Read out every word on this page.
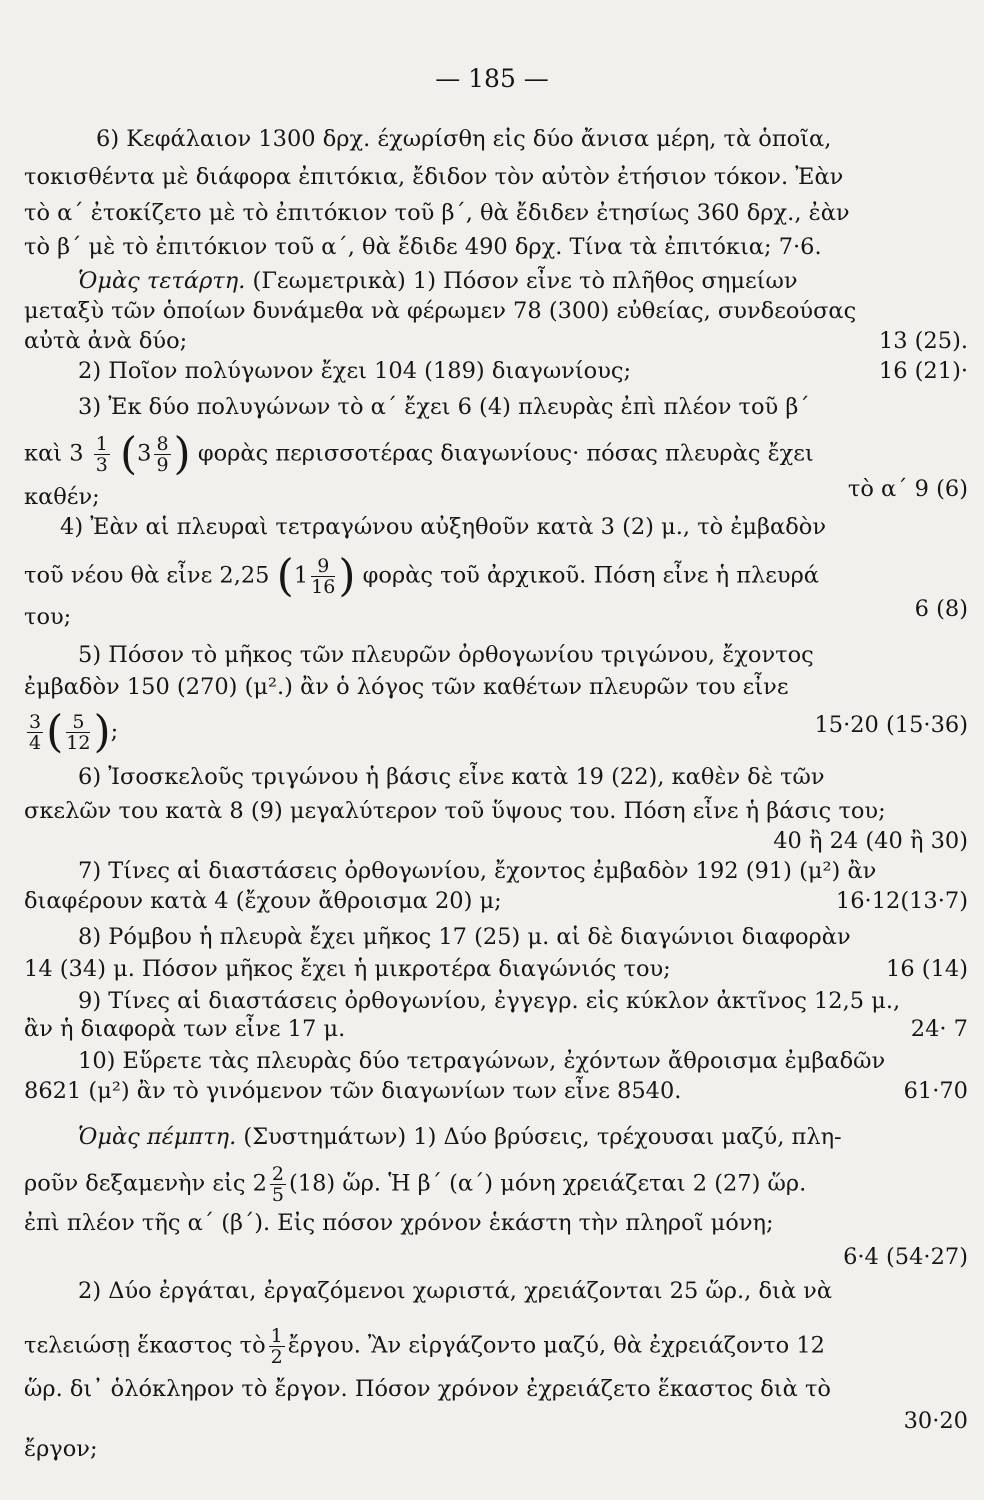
— 185 —
6) Κεφάλαιον 1300 δρχ. έχωρίσθη εἰς δύο ἄνισα μέρη, τὰ ὁποῖα,
τοκισθέντα μὲ διάφορα ἐπιτόκια, ἔδιδον τὸν αὐτὸν ἐτήσιον τόκον. Ἐὰν
τὸ α΄ ἐτοκίζετο μὲ τὸ ἐπιτόκιον τοῦ β΄, θὰ ἔδιδεν ἐτησίως 360 δρχ., ἐὰν
τὸ β΄ μὲ τὸ ἐπιτόκιον τοῦ α΄, θὰ ἔδιδε 490 δρχ. Τίνα τὰ ἐπιτόκια; 7·6.
Ὁμὰς τετάρτη. (Γεωμετρικὰ) 1) Πόσον εἶνε τὸ πλῆθος σημείων
μεταξὺ τῶν ὁποίων δυνάμεθα νὰ φέρωμεν 78 (300) εὐθείας, συνδεούσας
αὐτὰ ἀνὰ δύο;	13 (25).
2) Ποῖον πολύγωνον ἔχει 104 (189) διαγωνίους;	16 (21)·
3) Ἐκ δύο πολυγώνων τὸ α΄ ἔχει 6 (4) πλευρὰς ἐπὶ πλέον τοῦ β΄
καὶ $3 \frac{1}{3} (3 \frac{8}{9}$ ) φορὰς περισσοτέρας διαγωνίους· πόσας πλευρὰς ἔχει
καθέν;	τὸ α΄ 9 (6)
4) Ἐὰν αἱ πλευραὶ τετραγώνου αὐξηθοῦν κατὰ 3 (2) μ., τὸ ἐμβαδὸν
τοῦ νέου θὰ εἶνε 2,25 ($1 \frac{9}{16}$ ) φορὰς τοῦ ἀρχικοῦ. Πόση εἶνε ἡ πλευρά
του;	6 (8)
5) Πόσον τὸ μῆκος τῶν πλευρῶν ὀρθογωνίου τριγώνου, ἔχοντος
ἐμβαδὸν 150 (270) (μ².) ἂν ὁ λόγος τῶν καθέτων πλευρῶν του εἶνε
$\frac{3}{4}$ ( $\frac{5}{12}$ );	15·20 (15·36)
6) Ἰσοσκελοῦς τριγώνου ἡ βάσις εἶνε κατὰ 19 (22), καθὲν δὲ τῶν
σκελῶν του κατὰ 8 (9) μεγαλύτερον τοῦ ὕψους του. Πόση εἶνε ἡ βάσις του;
40 ἢ 24 (40 ἢ 30)
7) Τίνες αἱ διαστάσεις ὀρθογωνίου, ἔχοντος ἐμβαδὸν 192 (91) (μ²) ἂν
διαφέρουν κατὰ 4 (ἔχουν ἄθροισμα 20) μ;	16·12(13·7)
8) Ρόμβου ἡ πλευρὰ ἔχει μῆκος 17 (25) μ. αἱ δὲ διαγώνιοι διαφορὰν
14 (34) μ. Πόσον μῆκος ἔχει ἡ μικροτέρα διαγώνιός του;	16 (14)
9) Τίνες αἱ διαστάσεις ὀρθογωνίου, ἐγγεγρ. εἰς κύκλον ἀκτῖνος 12,5 μ.,
ἂν ἡ διαφορὰ των εἶνε 17 μ.	24· 7
10) Εὕρετε τὰς πλευρὰς δύο τετραγώνων, ἐχόντων ἄθροισμα ἐμβαδῶν
8621 (μ²) ἂν τὸ γινόμενον τῶν διαγωνίων των εἶνε 8540.	61·70
Ὁμὰς πέμπτη. (Συστημάτων) 1) Δύο βρύσεις, τρέχουσαι μαζύ, πλη-
ροῦν δεξαμενὴν εἰς $2 \frac{2}{5} (18)$ ὥρ. Ἡ β΄ (α΄) μόνη χρειάζεται 2 (27) ὥρ.
ἐπὶ πλέον τῆς α΄ (β΄). Εἰς πόσον χρόνον ἑκάστη τὴν πληροῖ μόνη;
6·4 (54·27)
2) Δύο ἐργάται, ἐργαζόμενοι χωριστά, χρειάζονται 25 ὥρ., διὰ νὰ
τελειώσῃ ἕκαστος τὸ $\frac{1}{2}$ ἔργου. Ἂν εἰργάζοντο μαζύ, θὰ ἐχρειάζοντο 12
ὥρ. δι᾿ ὁλόκληρον τὸ ἔργον. Πόσον χρόνον ἐχρειάζετο ἕκαστος διὰ τὸ
30·20
ἔργον;
